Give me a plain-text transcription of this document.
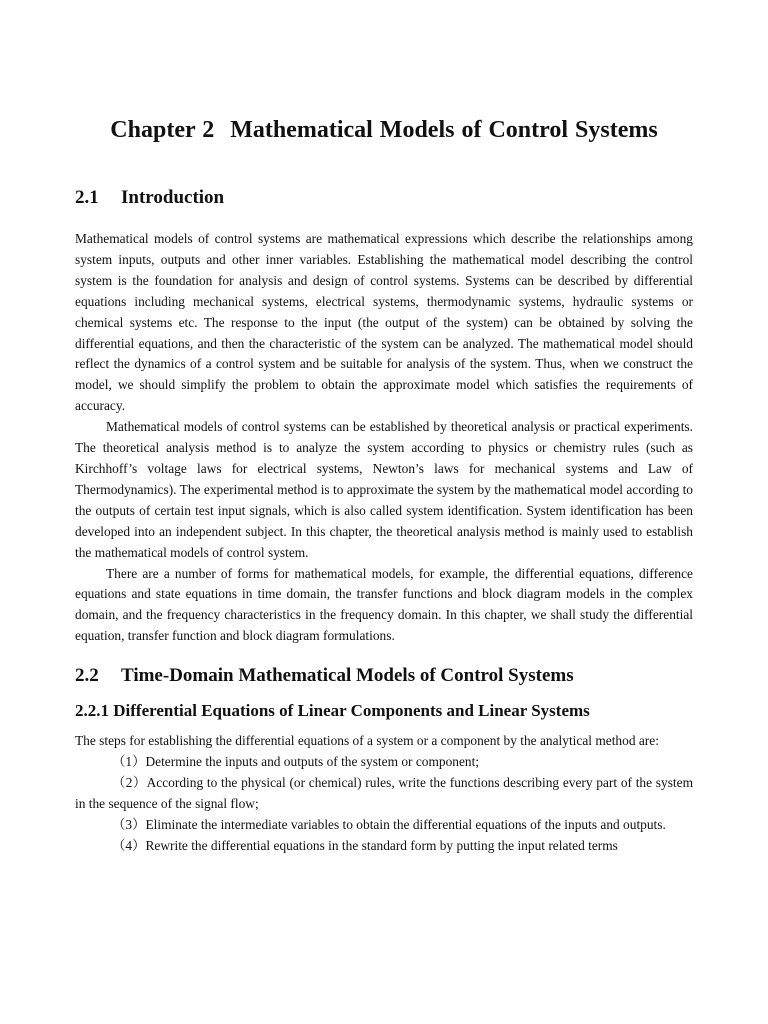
Chapter 2 Mathematical Models of Control Systems
2.1 Introduction

Mathematical models of control systems are mathematical expressions which describe the relationships among system inputs, outputs and other inner variables. Establishing the mathematical model describing the control system is the foundation for analysis and design of control systems. Systems can be described by differential equations including mechanical systems, electrical systems, thermodynamic systems, hydraulic systems or chemical systems etc. The response to the input (the output of the system) can be obtained by solving the differential equations, and then the characteristic of the system can be analyzed. The mathematical model should reflect the dynamics of a control system and be suitable for analysis of the system. Thus, when we construct the model, we should simplify the problem to obtain the approximate model which satisfies the requirements of accuracy.

Mathematical models of control systems can be established by theoretical analysis or practical experiments. The theoretical analysis method is to analyze the system according to physics or chemistry rules (such as Kirchhoff’s voltage laws for electrical systems, Newton’s laws for mechanical systems and Law of Thermodynamics). The experimental method is to approximate the system by the mathematical model according to the outputs of certain test input signals, which is also called system identification. System identification has been developed into an independent subject. In this chapter, the theoretical analysis method is mainly used to establish the mathematical models of control system.

There are a number of forms for mathematical models, for example, the differential equations, difference equations and state equations in time domain, the transfer functions and block diagram models in the complex domain, and the frequency characteristics in the frequency domain. In this chapter, we shall study the differential equation, transfer function and block diagram formulations.

2.2 Time-Domain Mathematical Models of Control Systems
2.2.1 Differential Equations of Linear Components and Linear Systems

The steps for establishing the differential equations of a system or a component by the analytical method are:

（1）Determine the inputs and outputs of the system or component;

（2）According to the physical (or chemical) rules, write the functions describing every part of the system in the sequence of the signal flow;

（3）Eliminate the intermediate variables to obtain the differential equations of the inputs and outputs.

（4）Rewrite the differential equations in the standard form by putting the input related terms
